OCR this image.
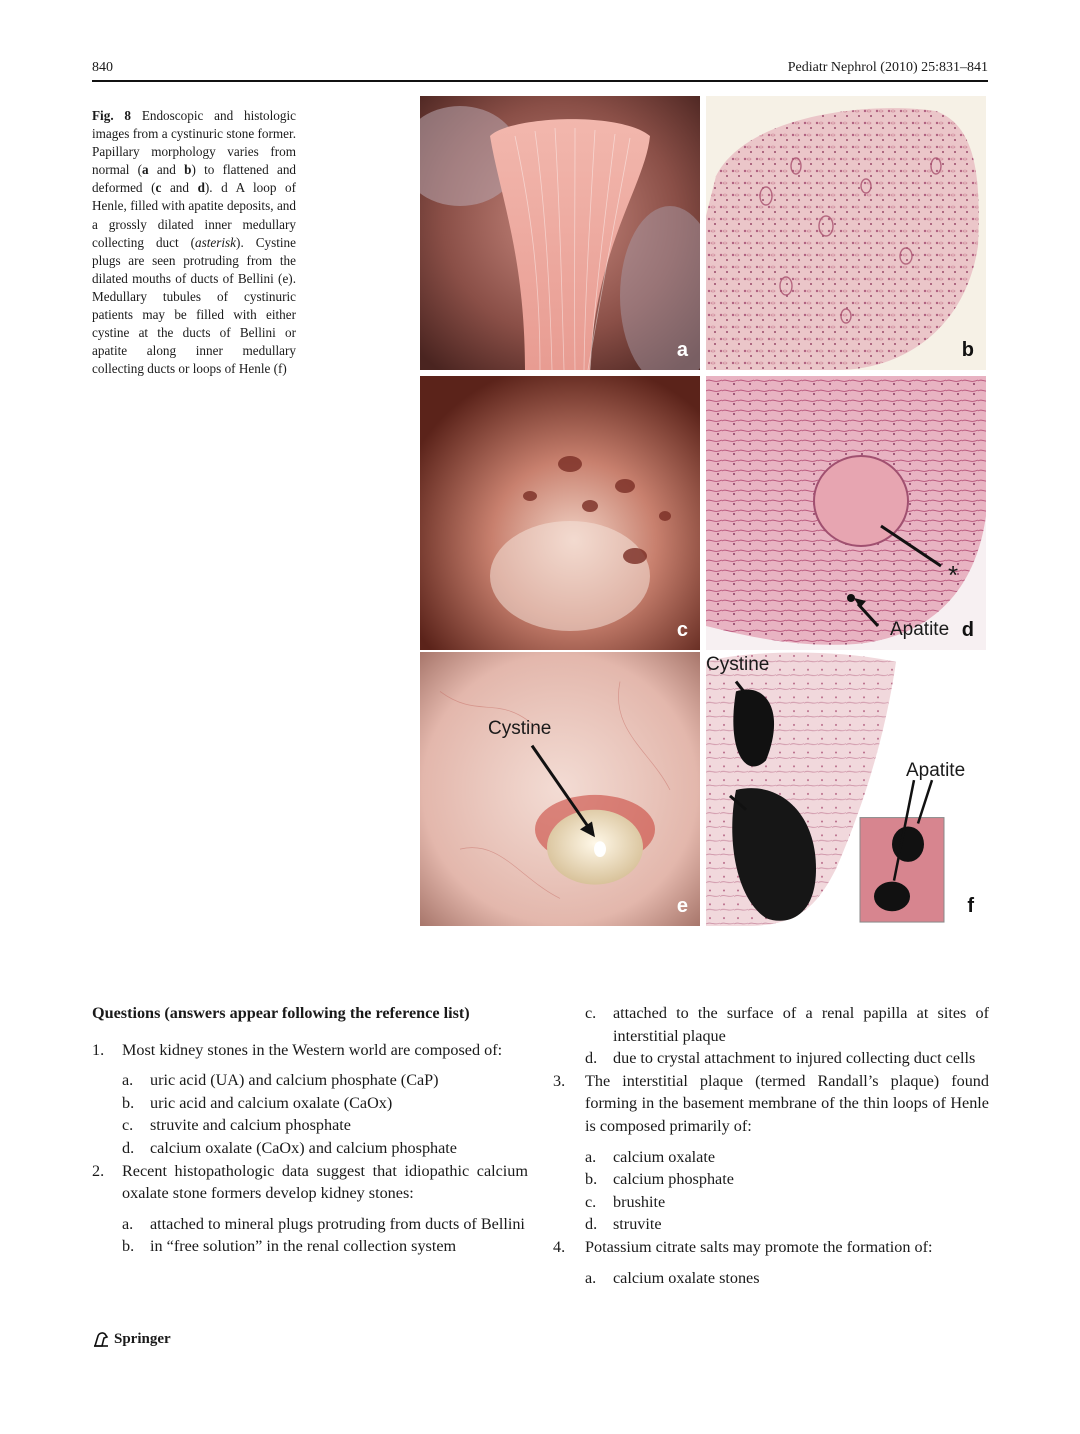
840	Pediatr Nephrol (2010) 25:831–841
Fig. 8 Endoscopic and histologic images from a cystinuric stone former. Papillary morphology varies from normal (a and b) to flattened and deformed (c and d). d A loop of Henle, filled with apatite deposits, and a grossly dilated inner medullary collecting duct (asterisk). Cystine plugs are seen protruding from the dilated mouths of ducts of Bellini (e). Medullary tubules of cystinuric patients may be filled with either cystine at the ducts of Bellini or apatite along inner medullary collecting ducts or loops of Henle (f)
a	b
c
*
Apatite d
Cystine
e
Cystine
Apatite
f
Questions (answers appear following the reference list)
1. Most kidney stones in the Western world are composed of:
a. uric acid (UA) and calcium phosphate (CaP)
b. uric acid and calcium oxalate (CaOx)
c. struvite and calcium phosphate
d. calcium oxalate (CaOx) and calcium phosphate
2. Recent histopathologic data suggest that idiopathic calcium oxalate stone formers develop kidney stones:
a. attached to mineral plugs protruding from ducts of Bellini
b. in “free solution” in the renal collection system
c. attached to the surface of a renal papilla at sites of interstitial plaque
d. due to crystal attachment to injured collecting duct cells
3. The interstitial plaque (termed Randall’s plaque) found forming in the basement membrane of the thin loops of Henle is composed primarily of:
a. calcium oxalate
b. calcium phosphate
c. brushite
d. struvite
4. Potassium citrate salts may promote the formation of:
a. calcium oxalate stones
Springer
